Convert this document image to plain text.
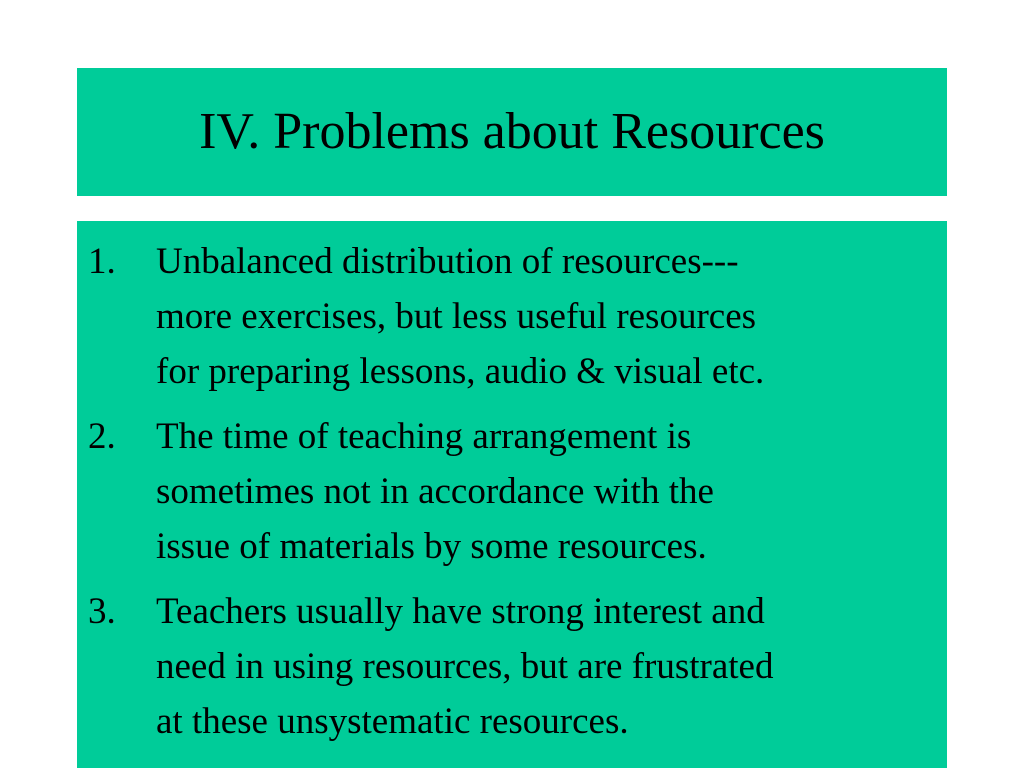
IV. Problems about Resources
1.	Unbalanced distribution of resources---
more exercises, but less useful resources
for preparing lessons, audio & visual etc.
2.	The time of teaching arrangement is
sometimes not in accordance with the
issue of materials by some resources.
3.	Teachers usually have strong interest and
need in using resources, but are frustrated
at these unsystematic resources.
